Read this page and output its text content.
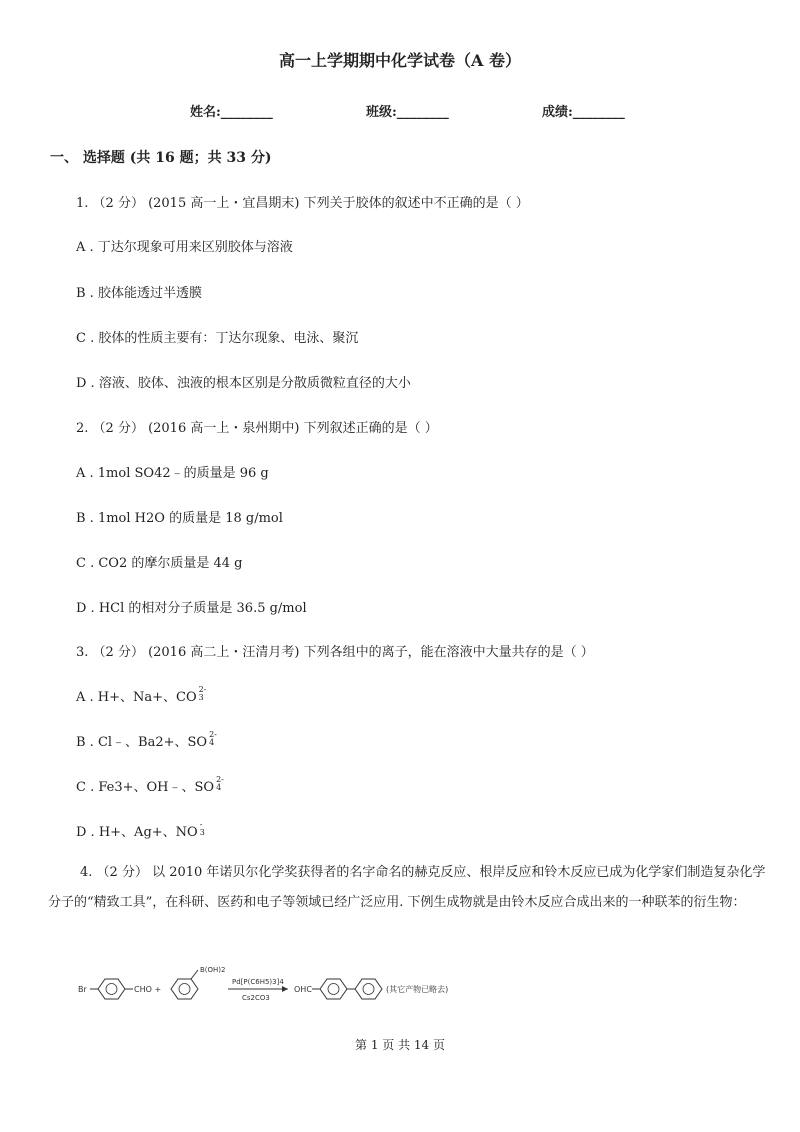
高一上学期期中化学试卷（A 卷）
姓名:________	班级:________	成绩:________
一、 选择题 (共 16 题；共 33 分)
1. （2 分） (2015 高一上・宜昌期末) 下列关于胶体的叙述中不正确的是（ ）
A . 丁达尔现象可用来区别胶体与溶液
B . 胶体能透过半透膜
C . 胶体的性质主要有：丁达尔现象、电泳、聚沉
D . 溶液、胶体、浊液的根本区别是分散质微粒直径的大小
2. （2 分） (2016 高一上・泉州期中) 下列叙述正确的是（ ）
A . 1mol SO42﹣的质量是 96 g
B . 1mol H2O 的质量是 18 g/mol
C . CO2 的摩尔质量是 44 g
D . HCl 的相对分子质量是 36.5 g/mol
3. （2 分） (2016 高二上・汪清月考) 下列各组中的离子，能在溶液中大量共存的是（ ）
A . H+、Na+、CO
2-
3
B . Cl﹣、Ba2+、SO
2-
4
C . Fe3+、OH﹣、SO
2-
4
D . H+、Ag+、NO
-
3
4. （2 分） 以 2010 年诺贝尔化学奖获得者的名字命名的赫克反应、根岸反应和铃木反应已成为化学家们制造复杂化学分子的“精致工具”，在科研、医药和电子等领域已经广泛应用. 下例生成物就是由铃木反应合成出来的一种联苯的衍生物：
Br	CHO +
B(OH)2
Pd[P(C6H5)3]4
Cs2CO3
OHC	(其它产物已略去)
第 1 页 共 14 页
